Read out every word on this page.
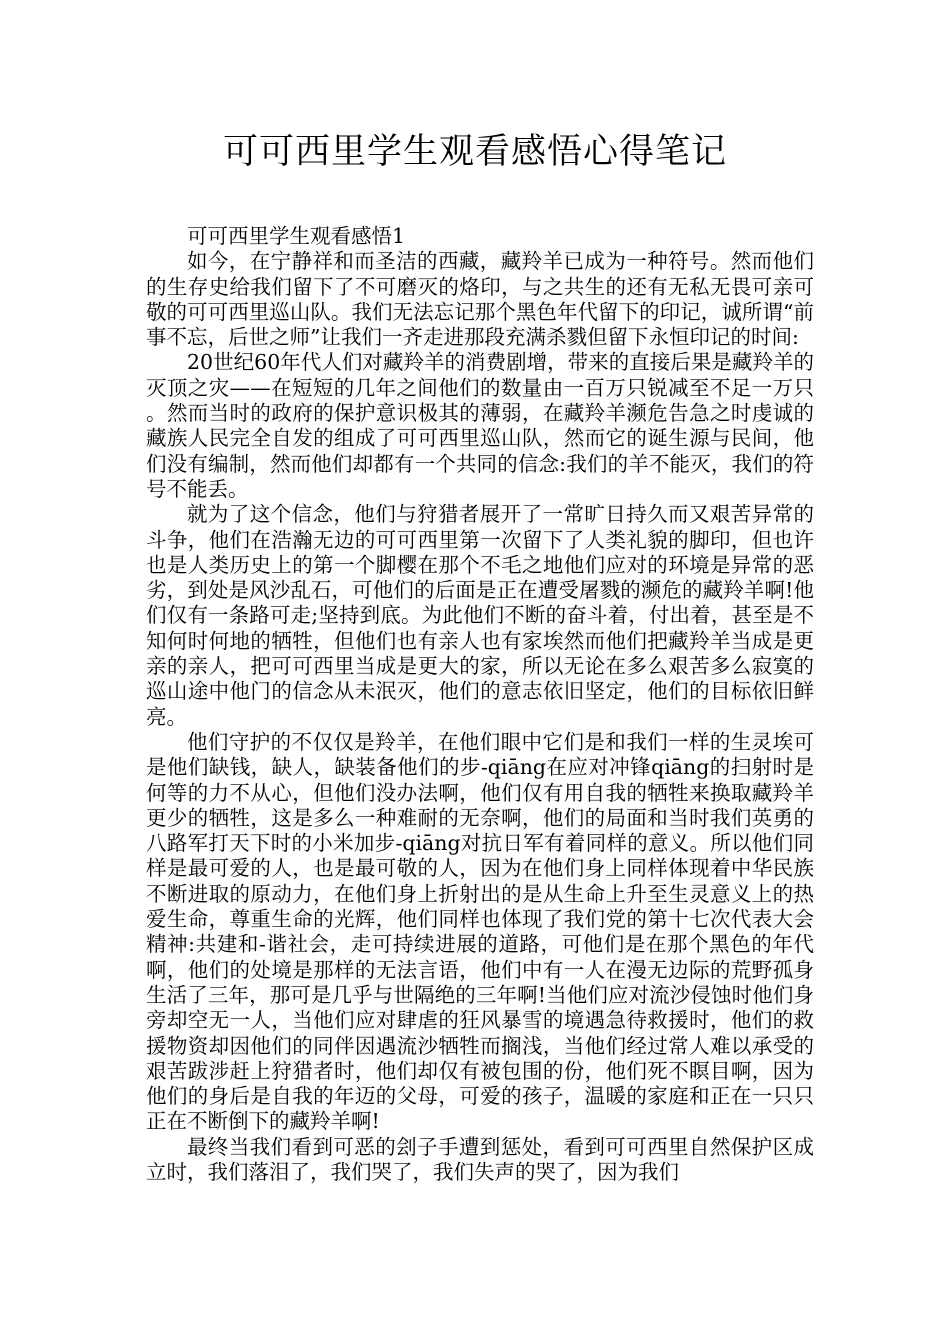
可可西里学生观看感悟心得笔记

可可西里学生观看感悟1

如今，在宁静祥和而圣洁的西藏，藏羚羊已成为一种符号。然而他们的生存史给我们留下了不可磨灭的烙印，与之共生的还有无私无畏可亲可敬的可可西里巡山队。我们无法忘记那个黑色年代留下的印记，诚所谓“前事不忘，后世之师”让我们一齐走进那段充满杀戮但留下永恒印记的时间:

20世纪60年代人们对藏羚羊的消费剧增，带来的直接后果是藏羚羊的灭顶之灾——在短短的几年之间他们的数量由一百万只锐减至不足一万只。然而当时的政府的保护意识极其的薄弱，在藏羚羊濒危告急之时虔诚的藏族人民完全自发的组成了可可西里巡山队，然而它的诞生源与民间，他们没有编制，然而他们却都有一个共同的信念:我们的羊不能灭，我们的符号不能丢。

就为了这个信念，他们与狩猎者展开了一常旷日持久而又艰苦异常的斗争，他们在浩瀚无边的可可西里第一次留下了人类礼貌的脚印，但也许也是人类历史上的第一个脚樱在那个不毛之地他们应对的环境是异常的恶劣，到处是风沙乱石，可他们的后面是正在遭受屠戮的濒危的藏羚羊啊!他们仅有一条路可走;坚持到底。为此他们不断的奋斗着，付出着，甚至是不知何时何地的牺牲，但他们也有亲人也有家埃然而他们把藏羚羊当成是更亲的亲人，把可可西里当成是更大的家，所以无论在多么艰苦多么寂寞的巡山途中他门的信念从未泯灭，他们的意志依旧坚定，他们的目标依旧鲜亮。

他们守护的不仅仅是羚羊，在他们眼中它们是和我们一样的生灵埃可是他们缺钱，缺人，缺装备他们的步-qiāng在应对冲锋qiāng的扫射时是何等的力不从心，但他们没办法啊，他们仅有用自我的牺牲来换取藏羚羊更少的牺牲，这是多么一种难耐的无奈啊，他们的局面和当时我们英勇的八路军打天下时的小米加步-qiāng对抗日军有着同样的意义。所以他们同样是最可爱的人，也是最可敬的人，因为在他们身上同样体现着中华民族不断进取的原动力，在他们身上折射出的是从生命上升至生灵意义上的热爱生命，尊重生命的光辉，他们同样也体现了我们党的第十七次代表大会精神:共建和-谐社会，走可持续进展的道路，可他们是在那个黑色的年代啊，他们的处境是那样的无法言语，他们中有一人在漫无边际的荒野孤身生活了三年，那可是几乎与世隔绝的三年啊!当他们应对流沙侵蚀时他们身旁却空无一人，当他们应对肆虐的狂风暴雪的境遇急待救援时，他们的救援物资却因他们的同伴因遇流沙牺牲而搁浅，当他们经过常人难以承受的艰苦跋涉赶上狩猎者时，他们却仅有被包围的份，他们死不瞑目啊，因为他们的身后是自我的年迈的父母，可爱的孩子，温暖的家庭和正在一只只正在不断倒下的藏羚羊啊!

最终当我们看到可恶的刽子手遭到惩处，看到可可西里自然保护区成立时，我们落泪了，我们哭了，我们失声的哭了，因为我们
